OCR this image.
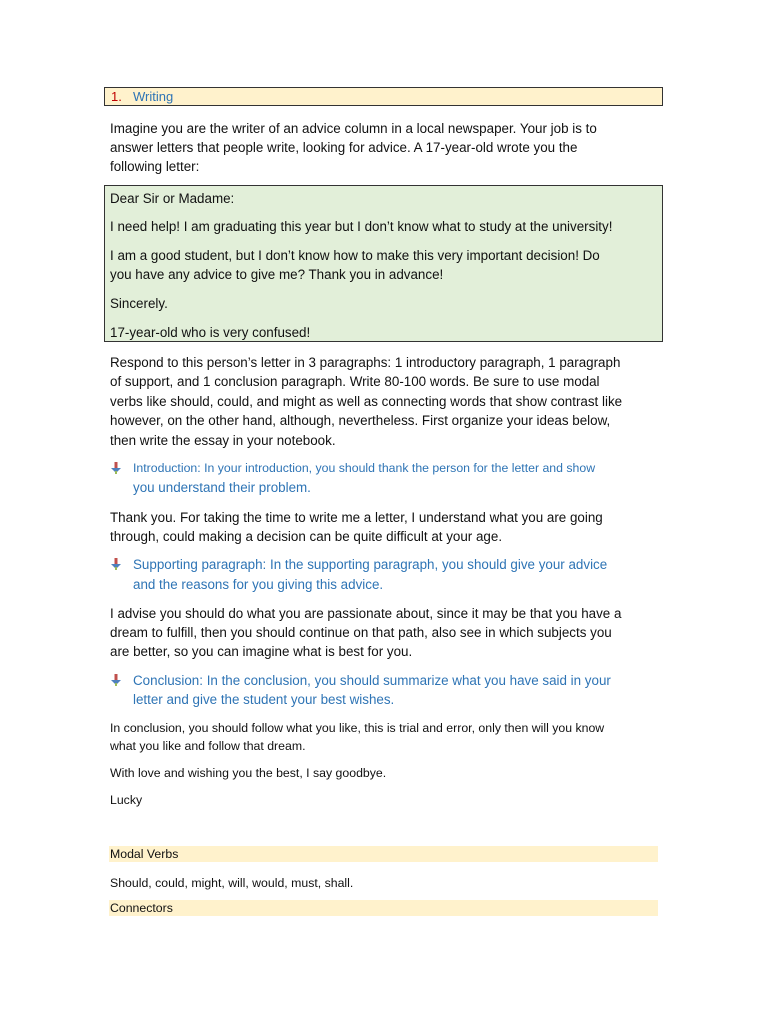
1. Writing
Imagine you are the writer of an advice column in a local newspaper. Your job is to
answer letters that people write, looking for advice. A 17-year-old wrote you the
following letter:
Dear Sir or Madame:
I need help! I am graduating this year but I don’t know what to study at the university!
I am a good student, but I don’t know how to make this very important decision! Do
you have any advice to give me? Thank you in advance!
Sincerely.
17-year-old who is very confused!
Respond to this person’s letter in 3 paragraphs: 1 introductory paragraph, 1 paragraph
of support, and 1 conclusion paragraph. Write 80-100 words. Be sure to use modal
verbs like should, could, and might as well as connecting words that show contrast like
however, on the other hand, although, nevertheless. First organize your ideas below,
then write the essay in your notebook.
Introduction: In your introduction, you should thank the person for the letter and show
you understand their problem.
Thank you. For taking the time to write me a letter, I understand what you are going
through, could making a decision can be quite difficult at your age.
Supporting paragraph: In the supporting paragraph, you should give your advice
and the reasons for you giving this advice.
I advise you should do what you are passionate about, since it may be that you have a
dream to fulfill, then you should continue on that path, also see in which subjects you
are better, so you can imagine what is best for you.
Conclusion: In the conclusion, you should summarize what you have said in your
letter and give the student your best wishes.
In conclusion, you should follow what you like, this is trial and error, only then will you know
what you like and follow that dream.
With love and wishing you the best, I say goodbye.
Lucky
Modal Verbs
Should, could, might, will, would, must, shall.
Connectors
